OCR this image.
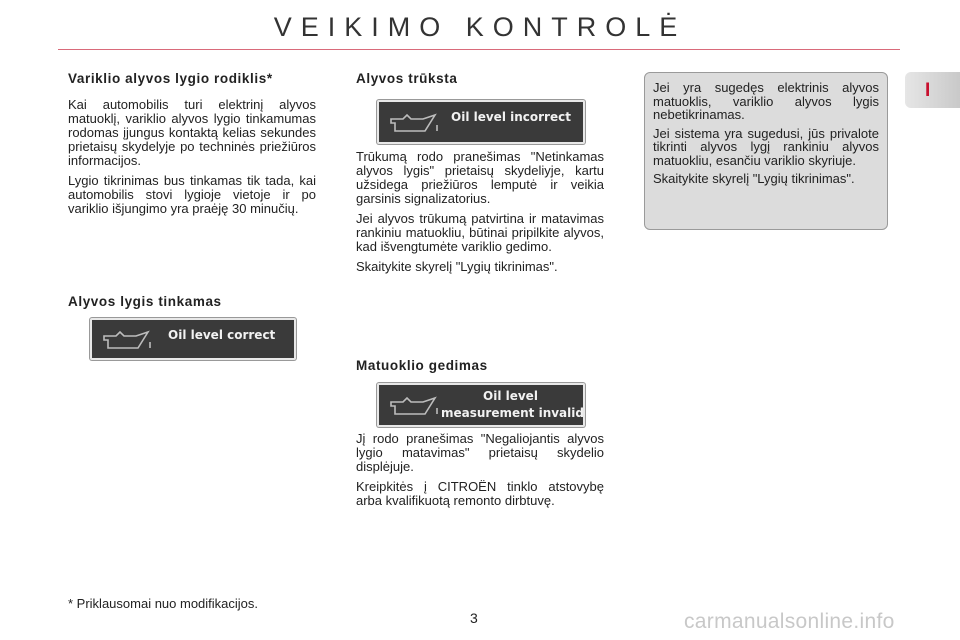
VEIKIMO KONTROLĖ
I
Variklio alyvos lygio rodiklis*

Kai automobilis turi elektrinį alyvos matuoklį, variklio alyvos lygio tinkamumas rodomas įjungus kontaktą kelias sekundes prietaisų skydelyje po techninės priežiūros informacijos.

Lygio tikrinimas bus tinkamas tik tada, kai automobilis stovi lygioje vietoje ir po variklio išjungimo yra praėję 30 minučių.

Alyvos lygis tinkamas
Oil level correct
Alyvos trūksta
Oil level incorrect

Trūkumą rodo pranešimas "Netinkamas alyvos lygis" prietaisų skydeliyje, kartu užsidega priežiūros lemputė ir veikia garsinis signalizatorius.

Jei alyvos trūkumą patvirtina ir matavimas rankiniu matuokliu, būtinai pripilkite alyvos, kad išvengtumėte variklio gedimo.

Skaitykite skyrelį "Lygių tikrinimas".

Matuoklio gedimas
Oil level
measurement invalid

Jį rodo pranešimas "Negaliojantis alyvos lygio matavimas" prietaisų skydelio displėjuje.

Kreipkitės į CITROËN tinklo atstovybę arba kvalifikuotą remonto dirbtuvę.

Jei yra sugedęs elektrinis alyvos matuoklis, variklio alyvos lygis nebetikrinamas.

Jei sistema yra sugedusi, jūs privalote tikrinti alyvos lygį rankiniu alyvos matuokliu, esančiu variklio skyriuje.

Skaitykite skyrelį "Lygių tikrinimas".

* Priklausomai nuo modifikacijos.
3	carmanualsonline.info
